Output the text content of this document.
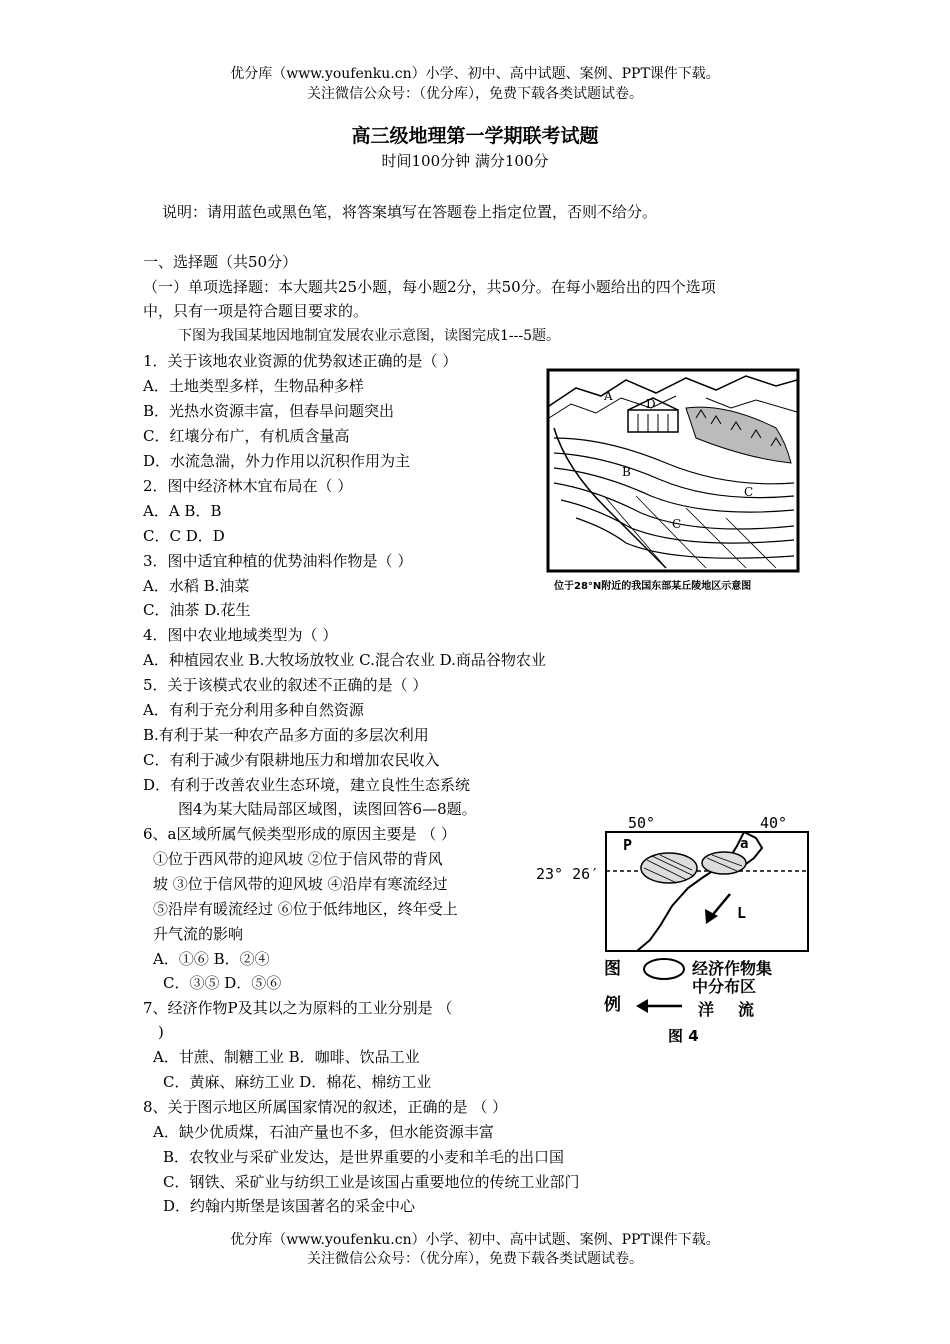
优分库（www.youfenku.cn）小学、初中、高中试题、案例、PPT课件下载。
关注微信公众号：（优分库），免费下载各类试题试卷。
高三级地理第一学期联考试题
时间100分钟 满分100分
说明：请用蓝色或黑色笔，将答案填写在答题卷上指定位置，否则不给分。
一、选择题（共50分）
（一）单项选择题：本大题共25小题，每小题2分，共50分。在每小题给出的四个选项
中，只有一项是符合题目要求的。
下图为我国某地因地制宜发展农业示意图，读图完成1---5题。
1．关于该地农业资源的优势叙述正确的是（ ）
A．土地类型多样，生物品种多样
B．光热水资源丰富，但春旱问题突出
C．红壤分布广，有机质含量高
D．水流急湍，外力作用以沉积作用为主
2．图中经济林木宜布局在（ ）
A．A B．B
C．C D．D
3．图中适宜种植的优势油料作物是（ ）
A．水稻 B.油菜
C．油茶 D.花生
4．图中农业地域类型为（ ）
A．种植园农业 B.大牧场放牧业 C.混合农业 D.商品谷物农业
5．关于该模式农业的叙述不正确的是（ ）
A．有利于充分利用多种自然资源
B.有利于某一种农产品多方面的多层次利用
C．有利于减少有限耕地压力和增加农民收入
D．有利于改善农业生态环境，建立良性生态系统
图4为某大陆局部区域图，读图回答6—8题。
6、a区域所属气候类型形成的原因主要是 （ ）
①位于西风带的迎风坡 ②位于信风带的背风
坡 ③位于信风带的迎风坡 ④沿岸有寒流经过
⑤沿岸有暖流经过 ⑥位于低纬地区，终年受上
升气流的影响
A．①⑥ B．②④
C．③⑤ D．⑤⑥
7、经济作物P及其以之为原料的工业分别是 （
)
A．甘蔗、制糖工业 B．咖啡、饮品工业
C．黄麻、麻纺工业 D．棉花、棉纺工业
8、关于图示地区所属国家情况的叙述，正确的是 （ ）
A．缺少优质煤，石油产量也不多，但水能资源丰富
B．农牧业与采矿业发达，是世界重要的小麦和羊毛的出口国
C．钢铁、采矿业与纺织工业是该国占重要地位的传统工业部门
D．约翰内斯堡是该国著名的采金中心
优分库（www.youfenku.cn）小学、初中、高中试题、案例、PPT课件下载。
关注微信公众号：（优分库），免费下载各类试题试卷。
A
D
B
C
C
位于28°N附近的我国东部某丘陵地区示意图
50°	40°
23° 26′
P	a
L
图
例
经济作物集
中分布区
洋 流
图 4
